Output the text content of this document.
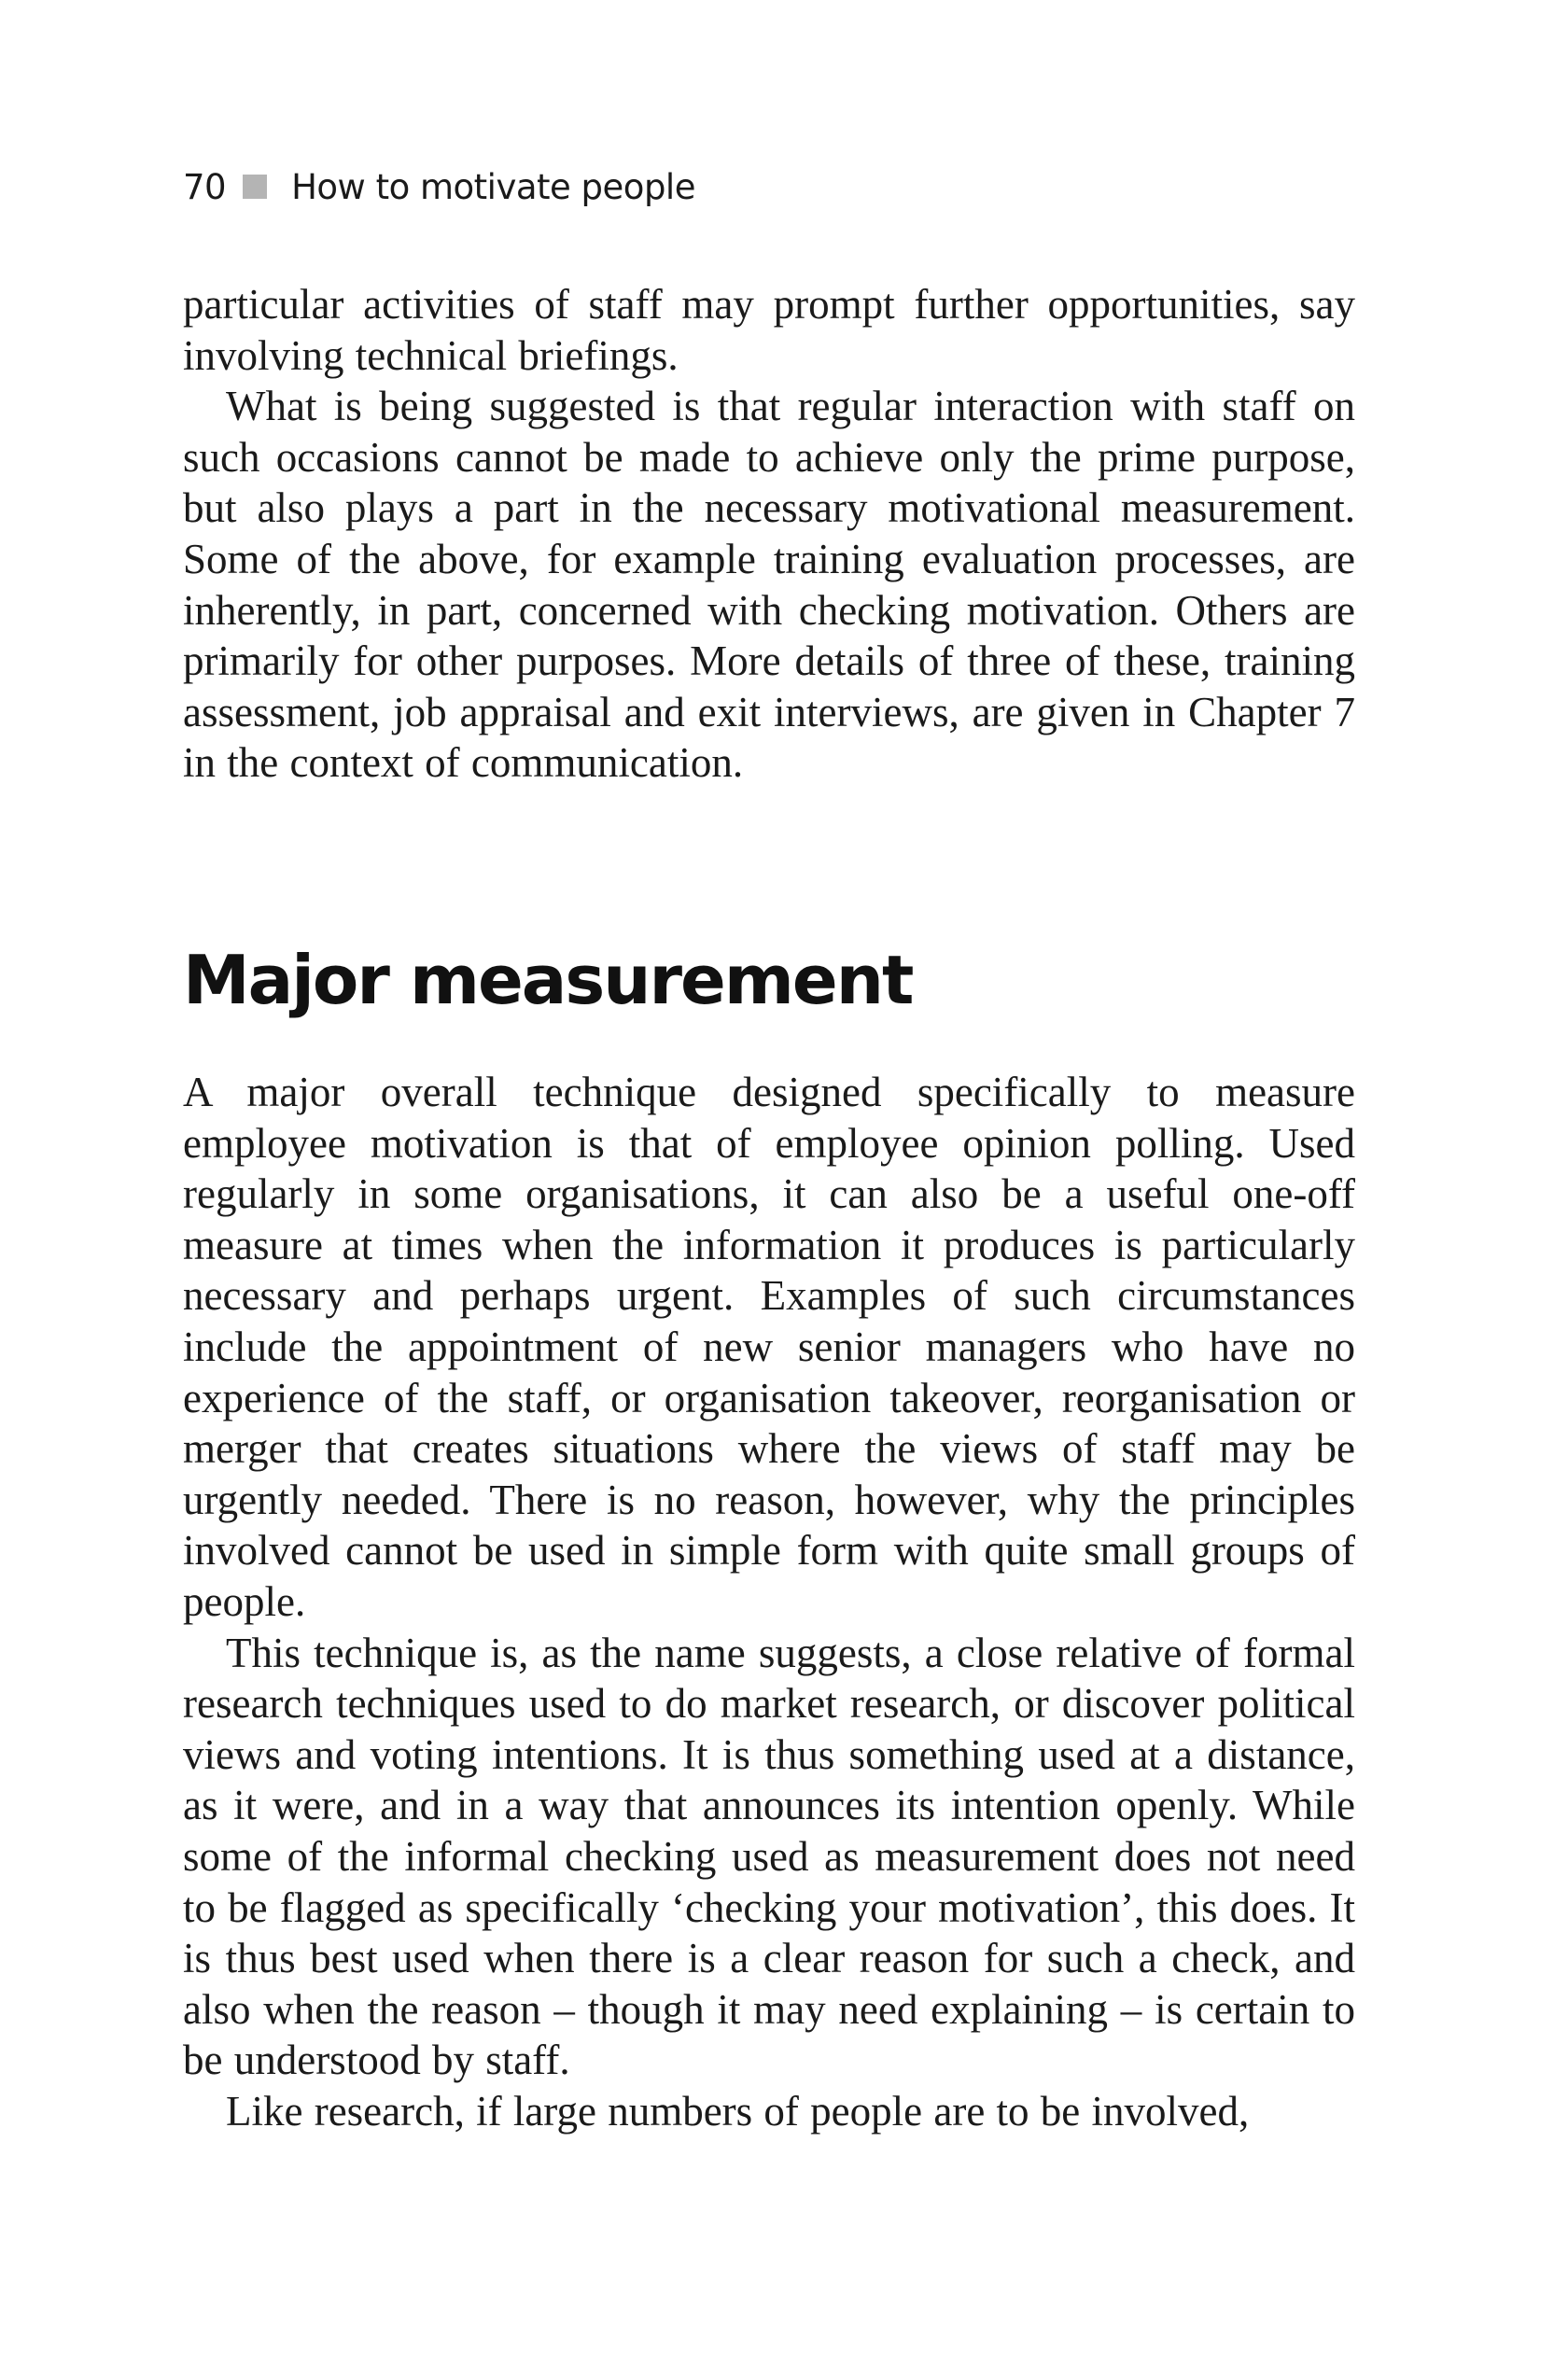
70 How to motivate people

particular activities of staff may prompt further opportunities, say involving technical briefings.

What is being suggested is that regular interaction with staff on such occasions cannot be made to achieve only the prime purpose, but also plays a part in the necessary motivational measurement. Some of the above, for example training evaluation processes, are inherently, in part, concerned with checking motivation. Others are primarily for other purposes. More details of three of these, training assessment, job appraisal and exit interviews, are given in Chapter 7 in the context of communication.

Major measurement

A major overall technique designed specifically to measure employee motivation is that of employee opinion polling. Used regularly in some organisations, it can also be a useful one-off measure at times when the information it produces is particularly necessary and perhaps urgent. Examples of such circumstances include the appointment of new senior managers who have no experience of the staff, or organisation takeover, reorganisation or merger that creates situations where the views of staff may be urgently needed. There is no reason, however, why the principles involved cannot be used in simple form with quite small groups of people.

This technique is, as the name suggests, a close relative of formal research techniques used to do market research, or discover political views and voting intentions. It is thus something used at a distance, as it were, and in a way that announces its intention openly. While some of the informal checking used as measurement does not need to be flagged as specifically ‘checking your motivation’, this does. It is thus best used when there is a clear reason for such a check, and also when the reason – though it may need explaining – is certain to be understood by staff.

Like research, if large numbers of people are to be involved,
